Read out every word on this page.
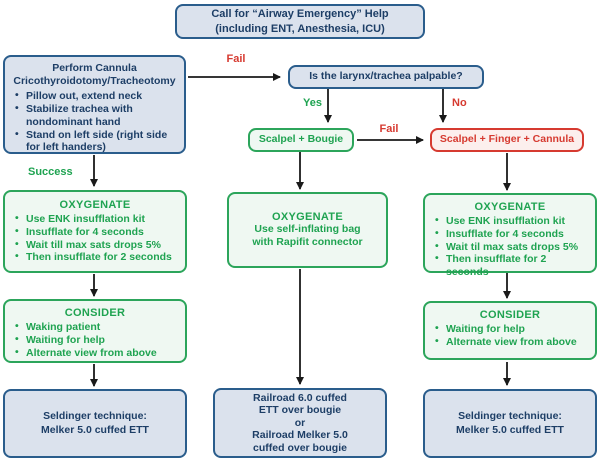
Fail
Yes	No
Fail
Success
Call for “Airway Emergency” Help
(including ENT, Anesthesia, ICU)
Perform Cannula
Cricothyroidotomy/Tracheotomy
• Pillow out, extend neck
• Stabilize trachea with nondominant hand
• Stand on left side (right side for left handers)
Is the larynx/trachea palpable?
Scalpel + Bougie	Scalpel + Finger + Cannula
OXYGENATE
• Use ENK insufflation kit
• Insufflate for 4 seconds
• Wait till max sats drops 5%
• Then insufflate for 2 seconds
OXYGENATE
Use self-inflating bag
with Rapifit connector
OXYGENATE
• Use ENK insufflation kit
• Insufflate for 4 seconds
• Wait til max sats drops 5%
• Then insufflate for 2 seconds
CONSIDER
• Waking patient
• Waiting for help
• Alternate view from above
CONSIDER
• Waiting for help
• Alternate view from above
Seldinger technique:
Melker 5.0 cuffed ETT
Railroad 6.0 cuffed
ETT over bougie
or
Railroad Melker 5.0
cuffed over bougie
Seldinger technique:
Melker 5.0 cuffed ETT
